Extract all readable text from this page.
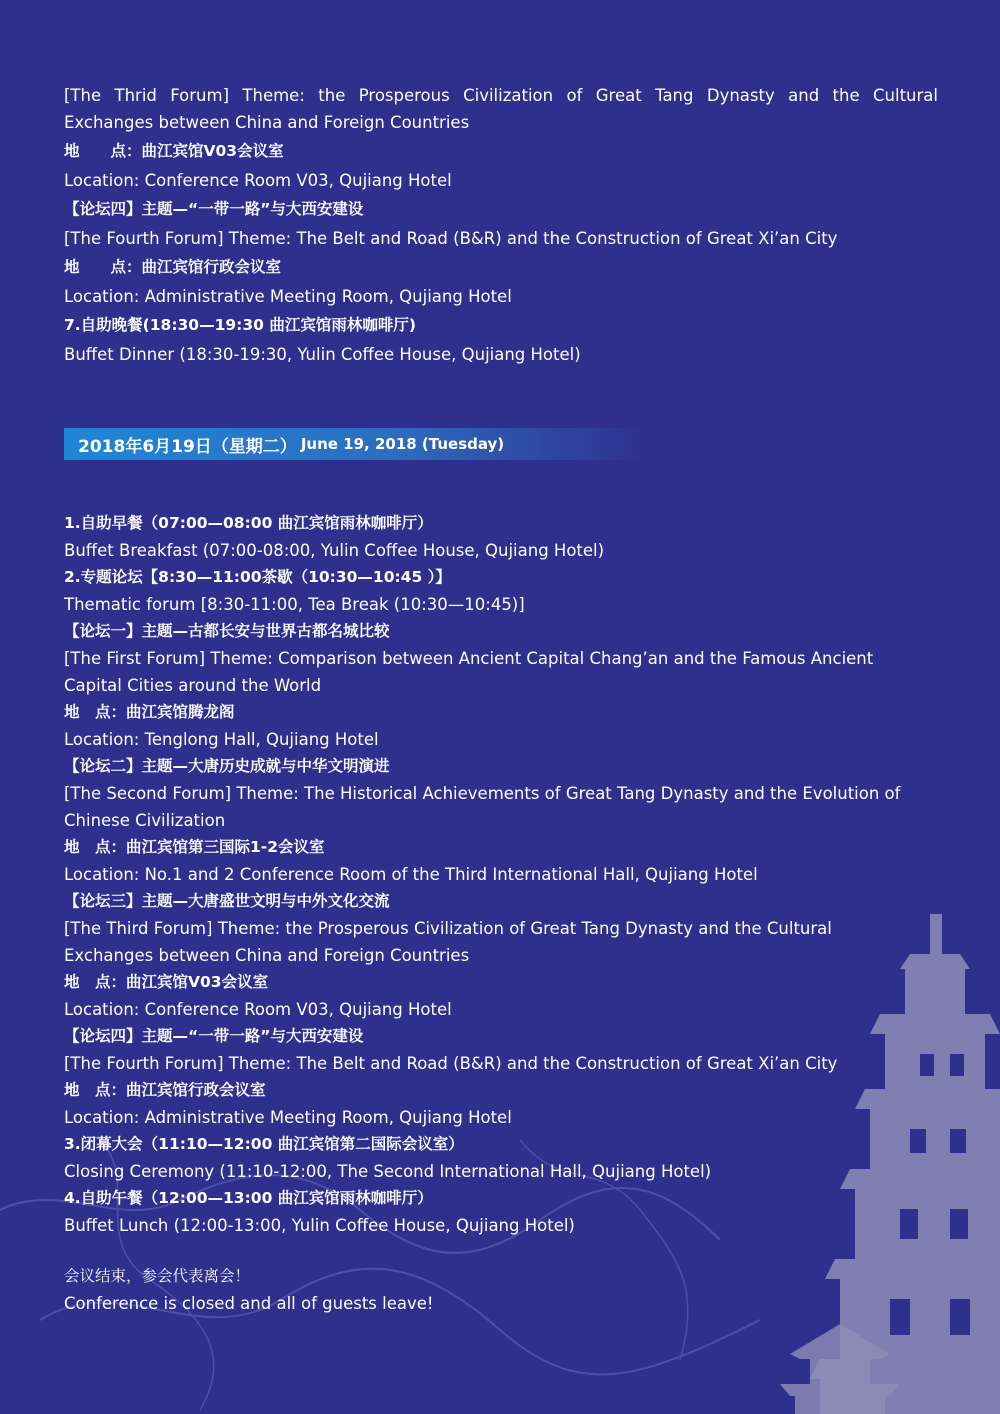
[The Thrid Forum] Theme: the Prosperous Civilization of Great Tang Dynasty and the Cultural
Exchanges between China and Foreign Countries
地　　点：曲江宾馆V03会议室
Location: Conference Room V03, Qujiang Hotel
【论坛四】主题—“一带一路”与大西安建设
[The Fourth Forum] Theme: The Belt and Road (B&R) and the Construction of Great Xi’an City
地　　点：曲江宾馆行政会议室
Location: Administrative Meeting Room, Qujiang Hotel
7.自助晚餐(18:30—19:30 曲江宾馆雨林咖啡厅)
Buffet Dinner (18:30-19:30, Yulin Coffee House, Qujiang Hotel)
2018年6月19日（星期二） June 19, 2018 (Tuesday)
1.自助早餐（07:00—08:00 曲江宾馆雨林咖啡厅）
Buffet Breakfast (07:00-08:00, Yulin Coffee House, Qujiang Hotel)
2.专题论坛【8:30—11:00茶歇（10:30—10:45 ）】
Thematic forum [8:30-11:00, Tea Break (10:30—10:45)]
【论坛一】主题—古都长安与世界古都名城比较
[The First Forum] Theme: Comparison between Ancient Capital Chang’an and the Famous Ancient
Capital Cities around the World
地　点：曲江宾馆腾龙阁
Location: Tenglong Hall, Qujiang Hotel
【论坛二】主题—大唐历史成就与中华文明演进
[The Second Forum] Theme: The Historical Achievements of Great Tang Dynasty and the Evolution of
Chinese Civilization
地　点：曲江宾馆第三国际1-2会议室
Location: No.1 and 2 Conference Room of the Third International Hall, Qujiang Hotel
【论坛三】主题—大唐盛世文明与中外文化交流
[The Third Forum] Theme: the Prosperous Civilization of Great Tang Dynasty and the Cultural
Exchanges between China and Foreign Countries
地　点：曲江宾馆V03会议室
Location: Conference Room V03, Qujiang Hotel
【论坛四】主题—“一带一路”与大西安建设
[The Fourth Forum] Theme: The Belt and Road (B&R) and the Construction of Great Xi’an City
地　点：曲江宾馆行政会议室
Location: Administrative Meeting Room, Qujiang Hotel
3.闭幕大会（11:10—12:00 曲江宾馆第二国际会议室）
Closing Ceremony (11:10-12:00, The Second International Hall, Qujiang Hotel)
4.自助午餐（12:00—13:00 曲江宾馆雨林咖啡厅）
Buffet Lunch (12:00-13:00, Yulin Coffee House, Qujiang Hotel)
会议结束，参会代表离会！
Conference is closed and all of guests leave!
